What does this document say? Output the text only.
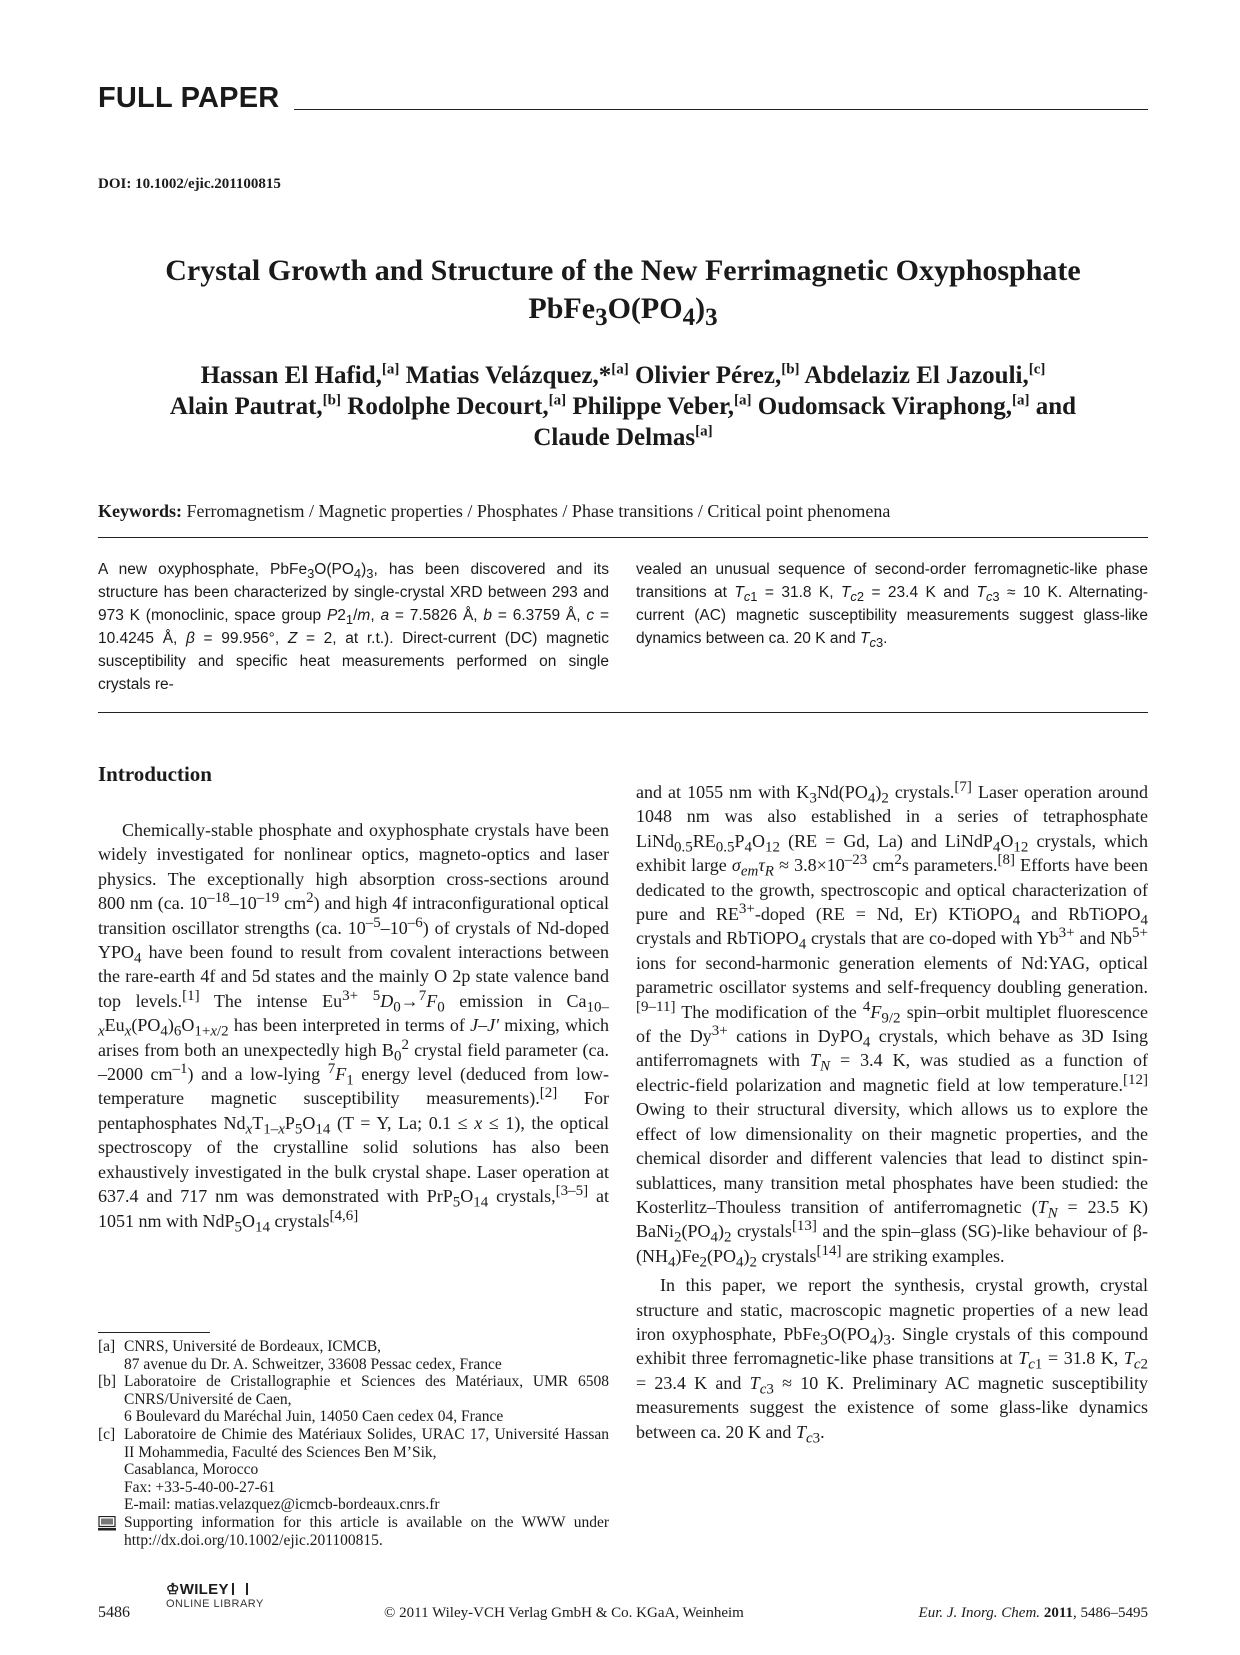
FULL PAPER
DOI: 10.1002/ejic.201100815
Crystal Growth and Structure of the New Ferrimagnetic Oxyphosphate
$PbFe_3O(PO_4)_3$
Hassan El Hafid,[a] Matias Velázquez,*[a] Olivier Pérez,[b] Abdelaziz El Jazouli,[c]
Alain Pautrat,[b] Rodolphe Decourt,[a] Philippe Veber,[a] Oudomsack Viraphong,[a] and
Claude Delmas[a]
Keywords: Ferromagnetism / Magnetic properties / Phosphates / Phase transitions / Critical point phenomena
A new oxyphosphate, $PbFe_3O(PO_4)_3$, has been discovered and its structure has been characterized by single-crystal XRD between 293 and 973 K (monoclinic, space group $P2_1/m$, a = 7.5826 Å, b = 6.3759 Å, c = 10.4245 Å, β = 99.956°, Z = 2, at r.t.). Direct-current (DC) magnetic susceptibility and specific heat measurements performed on single crystals re-
vealed an unusual sequence of second-order ferromagnetic-like phase transitions at $T_{c1} = 31.8$ K, $T_{c2} = 23.4$ K and $T_{c3} \approx 10$ K. Alternating-current (AC) magnetic susceptibility measurements suggest glass-like dynamics between ca. 20 K and $T_{c3}$.
Introduction

Chemically-stable phosphate and oxyphosphate crystals have been widely investigated for nonlinear optics, magneto-optics and laser physics. The exceptionally high absorption cross-sections around 800 nm (ca. $10^{-18}-10^{-19}$ $cm^2$) and high 4f intraconfigurational optical transition oscillator strengths (ca. $10^{-5}-10^{-6}$) of crystals of Nd-doped $YPO_4$ have been found to result from covalent interactions between the rare-earth 4f and 5d states and the mainly O 2p state valence band top levels.[1] The intense $Eu^{3+}$ $^5D_0\to^7F_0$ emission in $Ca_{10-x}Eu_x(PO_4)_6O_{1+x/2}$ has been interpreted in terms of J–J′ mixing, which arises from both an unexpectedly high $B_0^2$ crystal field parameter (ca. –2000 $cm^{-1}$) and a low-lying $^7F_1$ energy level (deduced from low-temperature magnetic susceptibility measurements).[2] For pentaphosphates $Nd_xT_{1-x}P_5O_{14}$ (T = Y, La; 0.1 ≤ x ≤ 1), the optical spectroscopy of the crystalline solid solutions has also been exhaustively investigated in the bulk crystal shape. Laser operation at 637.4 and 717 nm was demonstrated with $PrP_5O_{14}$ crystals,[3–5] at 1051 nm with $NdP_5O_{14}$ crystals[4,6]

and at 1055 nm with $K_3Nd(PO_4)_2$ crystals.[7] Laser operation around 1048 nm was also established in a series of tetraphosphate $LiNd_{0.5}RE_{0.5}P_4O_{12}$ (RE = Gd, La) and $LiNdP_4O_{12}$ crystals, which exhibit large $\sigma_{em}\tau_R \approx 3.8\times 10^{-23}$ $cm^2s$ parameters.[8] Efforts have been dedicated to the growth, spectroscopic and optical characterization of pure and $RE^{3+}$-doped (RE = Nd, Er) KTiOPO$_4$ and RbTiOPO$_4$ crystals and RbTiOPO$_4$ crystals that are co-doped with $Yb^{3+}$ and $Nb^{5+}$ ions for second-harmonic generation elements of Nd:YAG, optical parametric oscillator systems and self-frequency doubling generation.[9–11] The modification of the $^4F_{9/2}$ spin–orbit multiplet fluorescence of the $Dy^{3+}$ cations in DyPO$_4$ crystals, which behave as 3D Ising antiferromagnets with $T_N = 3.4$ K, was studied as a function of electric-field polarization and magnetic field at low temperature.[12] Owing to their structural diversity, which allows us to explore the effect of low dimensionality on their magnetic properties, and the chemical disorder and different valencies that lead to distinct spin-sublattices, many transition metal phosphates have been studied: the Kosterlitz–Thouless transition of antiferromagnetic ($T_N = 23.5$ K) $BaNi_2(PO_4)_2$ crystals[13] and the spin–glass (SG)-like behaviour of $\beta-(NH_4)Fe_2(PO_4)_2$ crystals[14] are striking examples.

In this paper, we report the synthesis, crystal growth, crystal structure and static, macroscopic magnetic properties of a new lead iron oxyphosphate, $PbFe_3O(PO_4)_3$. Single crystals of this compound exhibit three ferromagnetic-like phase transitions at $T_{c1} = 31.8$ K, $T_{c2} = 23.4$ K and $T_{c3} \approx 10$ K. Preliminary AC magnetic susceptibility measurements suggest the existence of some glass-like dynamics between ca. 20 K and $T_{c3}$.

[a] CNRS, Université de Bordeaux, ICMCB,
87 avenue du Dr. A. Schweitzer, 33608 Pessac cedex, France
[b] Laboratoire de Cristallographie et Sciences des Matériaux, UMR 6508 CNRS/Université de Caen,
6 Boulevard du Maréchal Juin, 14050 Caen cedex 04, France
[c] Laboratoire de Chimie des Matériaux Solides, URAC 17, Université Hassan II Mohammedia, Faculté des Sciences Ben M’Sik,
Casablanca, Morocco
Fax: +33-5-40-00-27-61
E-mail: matias.velazquez@icmcb-bordeaux.cnrs.fr
Supporting information for this article is available on the WWW under http://dx.doi.org/10.1002/ejic.201100815.
♔WILEY
ONLINE LIBRARY
5486	© 2011 Wiley-VCH Verlag GmbH & Co. KGaA, Weinheim	Eur. J. Inorg. Chem. 2011, 5486–5495
